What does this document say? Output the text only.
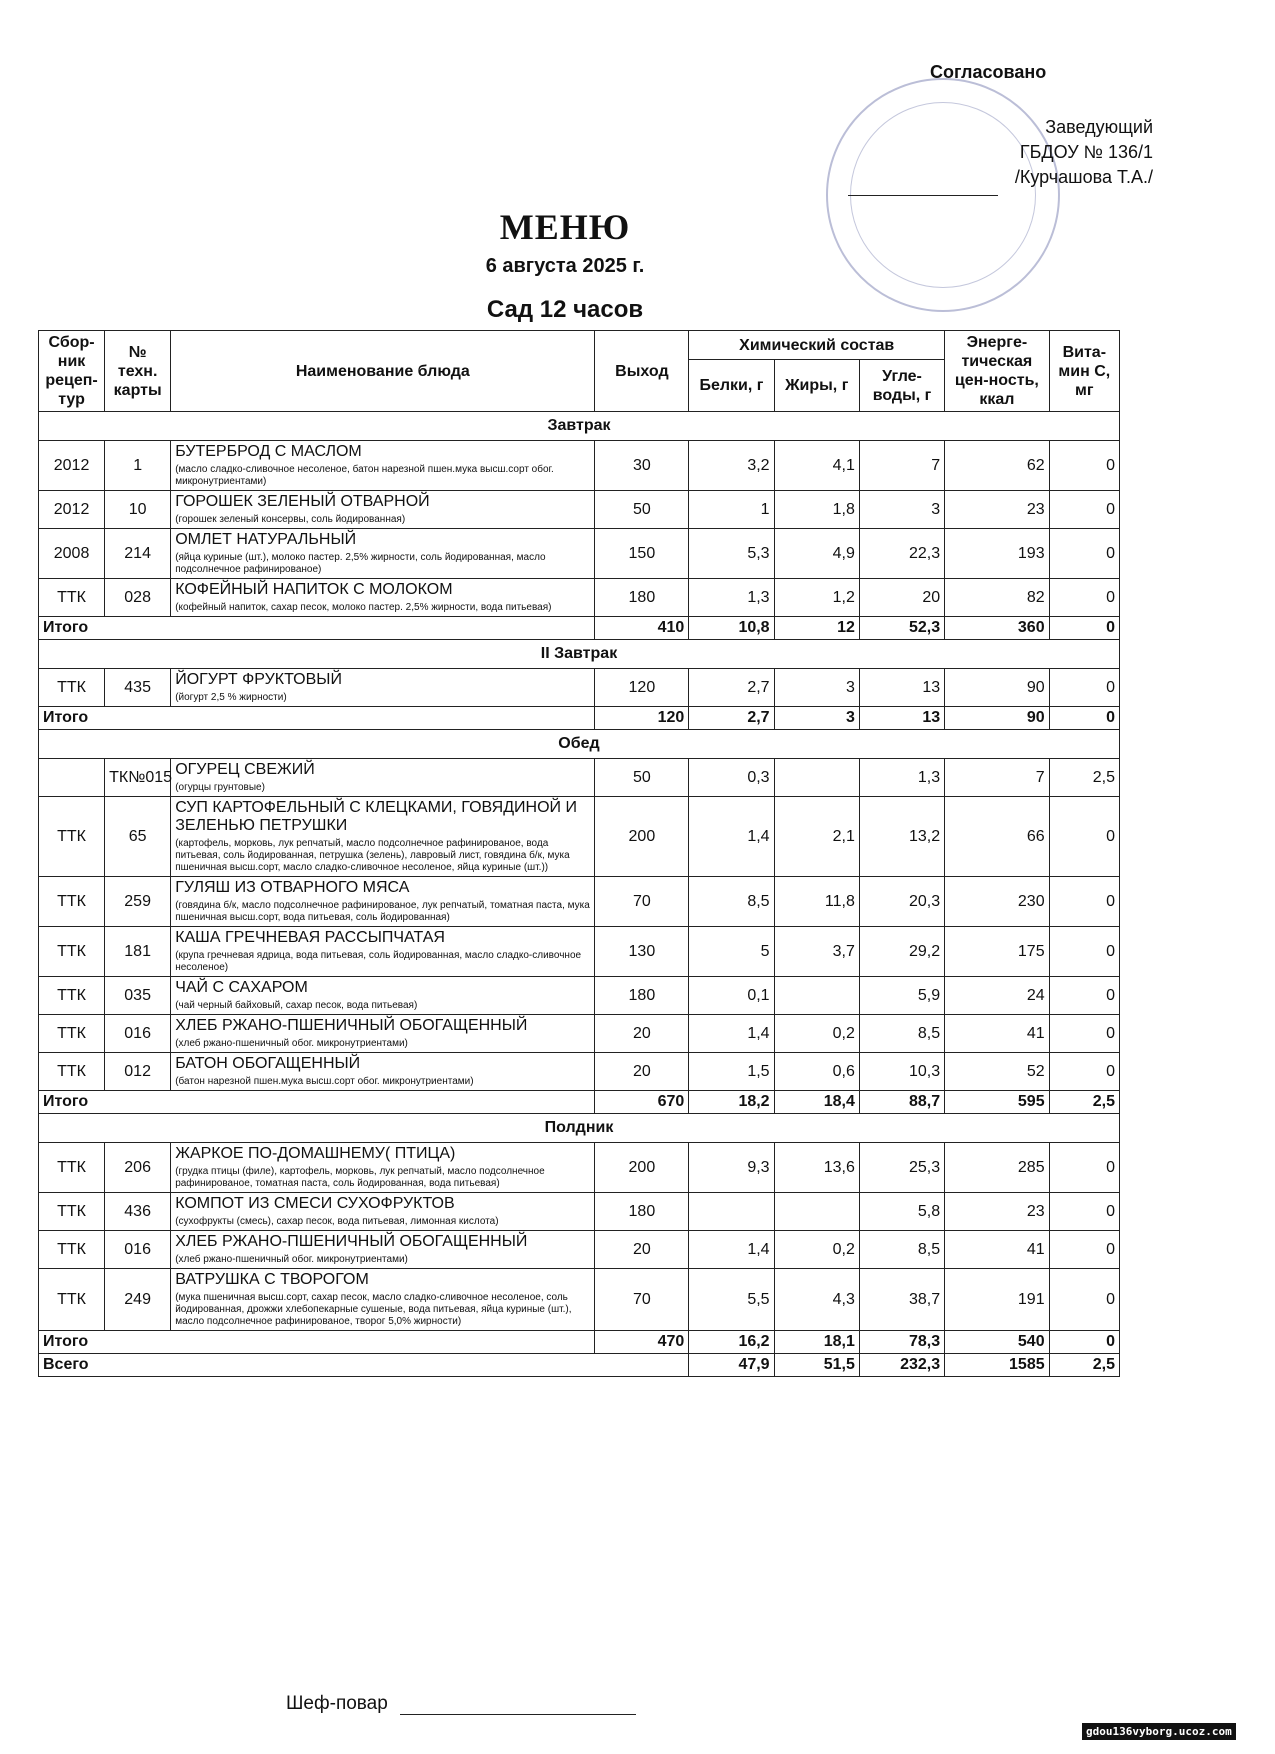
Согласовано
Заведующий
ГБДОУ № 136/1
/Курчашова Т.А./
МЕНЮ
6 августа 2025 г.
Сад 12 часов
Сбор-ник рецеп-тур	№ техн. карты	Наименование блюда	Выход	Химический состав			Энерге-тическая цен-ность, ккал	Вита-мин С, мг
				Белки, г	Жиры, г	Угле-воды, г		
Завтрак								
2012	1	БУТЕРБРОД С МАСЛОМ
(масло сладко-сливочное несоленое, батон нарезной пшен.мука высш.сорт обог. микронутриентами)	30	3,2	4,1	7	62	0
2012	10	ГОРОШЕК ЗЕЛЕНЫЙ ОТВАРНОЙ
(горошек зеленый консервы, соль йодированная)	50	1	1,8	3	23	0
2008	214	ОМЛЕТ НАТУРАЛЬНЫЙ
(яйца куриные (шт.), молоко пастер. 2,5% жирности, соль йодированная, масло подсолнечное рафинированое)	150	5,3	4,9	22,3	193	0
ТТК	028	КОФЕЙНЫЙ НАПИТОК С МОЛОКОМ
(кофейный напиток, сахар песок, молоко пастер. 2,5% жирности, вода питьевая)	180	1,3	1,2	20	82	0
Итого			410	10,8	12	52,3	360	0
II Завтрак								
ТТК	435	ЙОГУРТ ФРУКТОВЫЙ
(йогурт 2,5 % жирности)	120	2,7	3	13	90	0
Итого			120	2,7	3	13	90	0
Обед								
	ТК№015	ОГУРЕЦ СВЕЖИЙ
(огурцы грунтовые)	50	0,3		1,3	7	2,5
ТТК	65	СУП КАРТОФЕЛЬНЫЙ С КЛЕЦКАМИ, ГОВЯДИНОЙ И ЗЕЛЕНЬЮ ПЕТРУШКИ
(картофель, морковь, лук репчатый, масло подсолнечное рафинированое, вода питьевая, соль йодированная, петрушка (зелень), лавровый лист, говядина б/к, мука пшеничная высш.сорт, масло сладко-сливочное несоленое, яйца куриные (шт.))	200	1,4	2,1	13,2	66	0
ТТК	259	ГУЛЯШ ИЗ ОТВАРНОГО МЯСА
(говядина б/к, масло подсолнечное рафинированое, лук репчатый, томатная паста, мука пшеничная высш.сорт, вода питьевая, соль йодированная)	70	8,5	11,8	20,3	230	0
ТТК	181	КАША ГРЕЧНЕВАЯ РАССЫПЧАТАЯ
(крупа гречневая ядрица, вода питьевая, соль йодированная, масло сладко-сливочное несоленое)	130	5	3,7	29,2	175	0
ТТК	035	ЧАЙ С САХАРОМ
(чай черный байховый, сахар песок, вода питьевая)	180	0,1		5,9	24	0
ТТК	016	ХЛЕБ РЖАНО-ПШЕНИЧНЫЙ ОБОГАЩЕННЫЙ
(хлеб ржано-пшеничный обог. микронутриентами)	20	1,4	0,2	8,5	41	0
ТТК	012	БАТОН ОБОГАЩЕННЫЙ
(батон нарезной пшен.мука высш.сорт обог. микронутриентами)	20	1,5	0,6	10,3	52	0
Итого			670	18,2	18,4	88,7	595	2,5
Полдник								
ТТК	206	ЖАРКОЕ ПО-ДОМАШНЕМУ( ПТИЦА)
(грудка птицы (филе), картофель, морковь, лук репчатый, масло подсолнечное рафинированое, томатная паста, соль йодированная, вода питьевая)	200	9,3	13,6	25,3	285	0
ТТК	436	КОМПОТ ИЗ СМЕСИ СУХОФРУКТОВ
(сухофрукты (смесь), сахар песок, вода питьевая, лимонная кислота)	180			5,8	23	0
ТТК	016	ХЛЕБ РЖАНО-ПШЕНИЧНЫЙ ОБОГАЩЕННЫЙ
(хлеб ржано-пшеничный обог. микронутриентами)	20	1,4	0,2	8,5	41	0
ТТК	249	ВАТРУШКА С ТВОРОГОМ
(мука пшеничная высш.сорт, сахар песок, масло сладко-сливочное несоленое, соль йодированная, дрожжи хлебопекарные сушеные, вода питьевая, яйца куриные (шт.), масло подсолнечное рафинированое, творог 5,0% жирности)	70	5,5	4,3	38,7	191	0
Итого			470	16,2	18,1	78,3	540	0
Всего				47,9	51,5	232,3	1585	2,5
Шеф-повар
gdou136vyborg.ucoz.com
